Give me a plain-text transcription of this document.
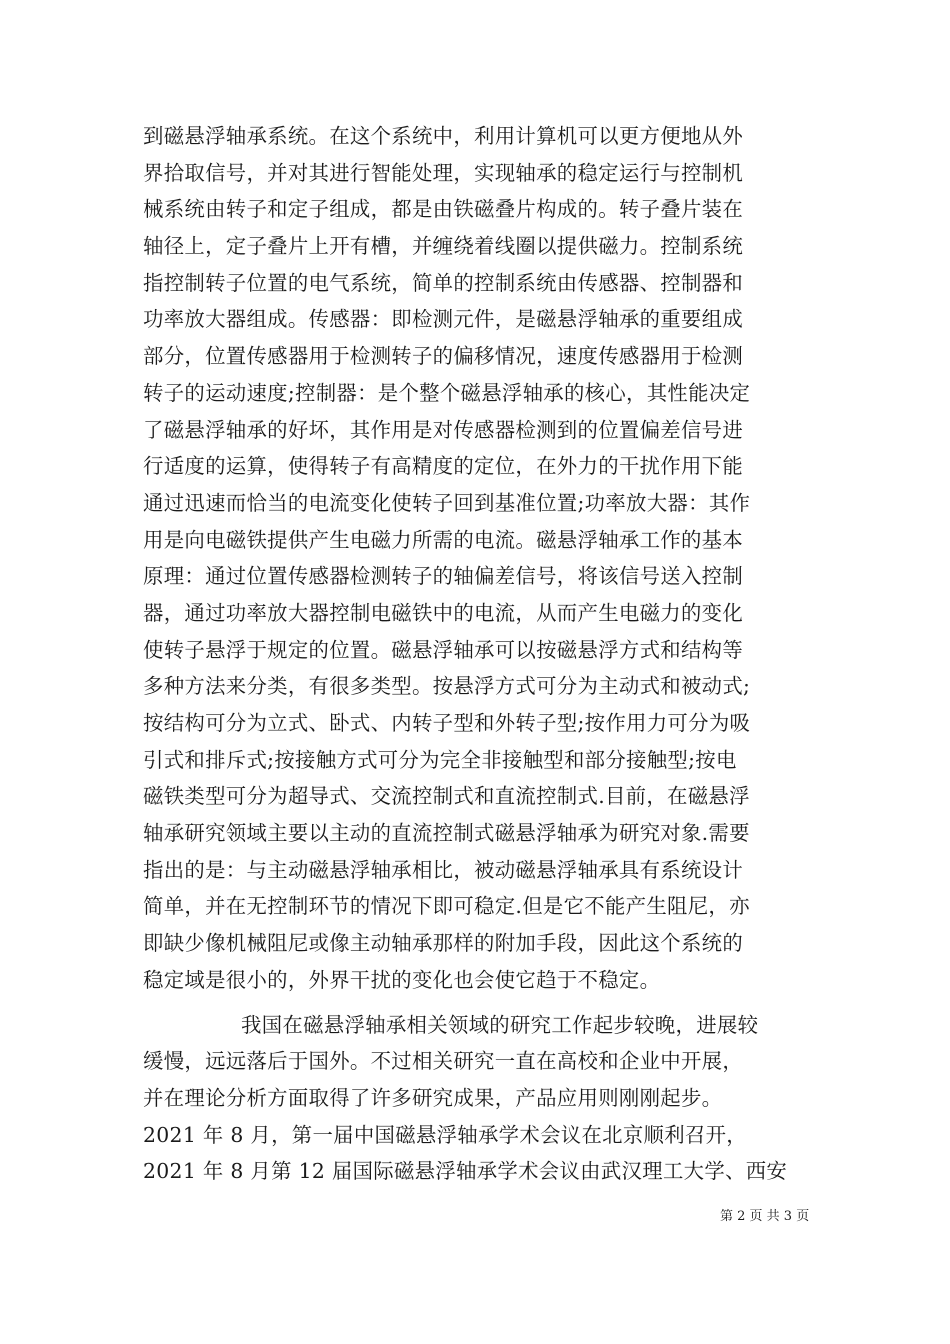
到磁悬浮轴承系统。在这个系统中，利用计算机可以更方便地从外
界拾取信号，并对其进行智能处理，实现轴承的稳定运行与控制机
械系统由转子和定子组成，都是由铁磁叠片构成的。转子叠片装在
轴径上，定子叠片上开有槽，并缠绕着线圈以提供磁力。控制系统
指控制转子位置的电气系统，简单的控制系统由传感器、控制器和
功率放大器组成。传感器：即检测元件，是磁悬浮轴承的重要组成
部分，位置传感器用于检测转子的偏移情况，速度传感器用于检测
转子的运动速度;控制器：是个整个磁悬浮轴承的核心，其性能决定
了磁悬浮轴承的好坏，其作用是对传感器检测到的位置偏差信号进
行适度的运算，使得转子有高精度的定位，在外力的干扰作用下能
通过迅速而恰当的电流变化使转子回到基准位置;功率放大器：其作
用是向电磁铁提供产生电磁力所需的电流。磁悬浮轴承工作的基本
原理：通过位置传感器检测转子的轴偏差信号，将该信号送入控制
器，通过功率放大器控制电磁铁中的电流，从而产生电磁力的变化
使转子悬浮于规定的位置。磁悬浮轴承可以按磁悬浮方式和结构等
多种方法来分类，有很多类型。按悬浮方式可分为主动式和被动式;
按结构可分为立式、卧式、内转子型和外转子型;按作用力可分为吸
引式和排斥式;按接触方式可分为完全非接触型和部分接触型;按电
磁铁类型可分为超导式、交流控制式和直流控制式.目前，在磁悬浮
轴承研究领域主要以主动的直流控制式磁悬浮轴承为研究对象.需要
指出的是：与主动磁悬浮轴承相比，被动磁悬浮轴承具有系统设计
简单，并在无控制环节的情况下即可稳定.但是它不能产生阻尼，亦
即缺少像机械阻尼或像主动轴承那样的附加手段，因此这个系统的
稳定域是很小的，外界干扰的变化也会使它趋于不稳定。
我国在磁悬浮轴承相关领域的研究工作起步较晚，进展较
缓慢，远远落后于国外。不过相关研究一直在高校和企业中开展，
并在理论分析方面取得了许多研究成果，产品应用则刚刚起步。
2021 年 8 月，第一届中国磁悬浮轴承学术会议在北京顺利召开，
2021 年 8 月第 12 届国际磁悬浮轴承学术会议由武汉理工大学、西安
第 2 页 共 3 页
